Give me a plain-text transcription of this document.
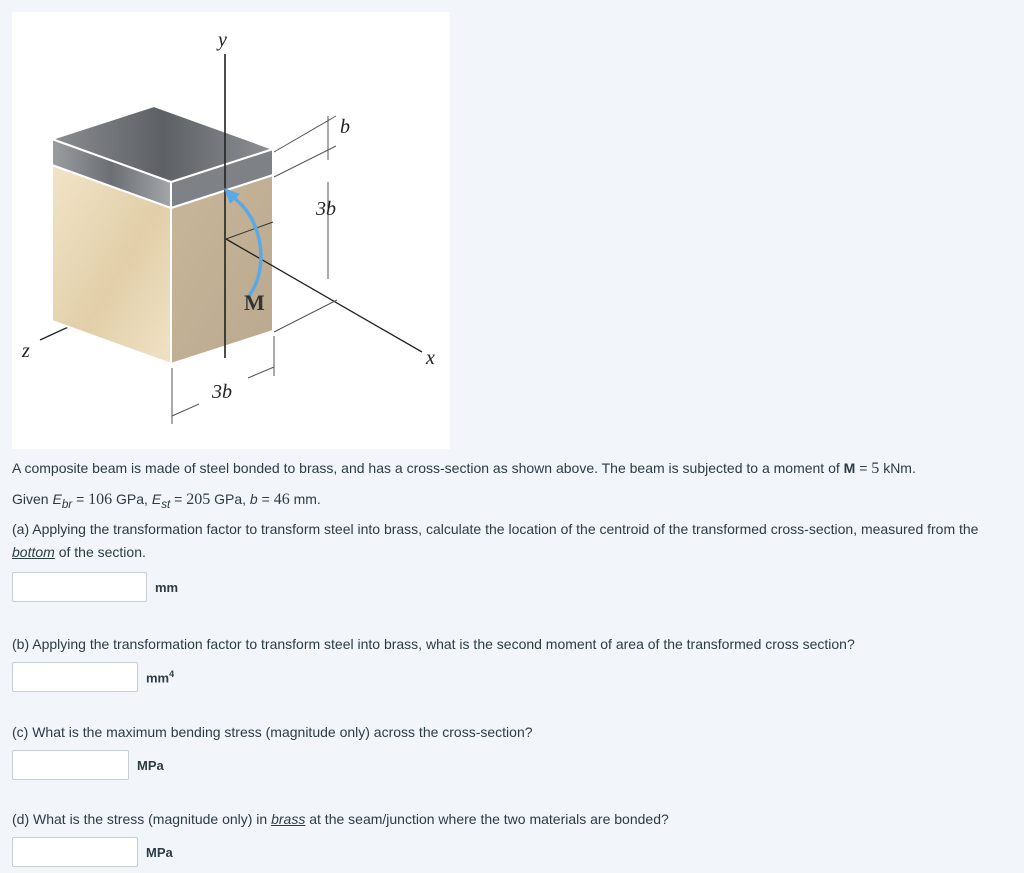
z	x
y
M
b
3b
3b

A composite beam is made of steel bonded to brass, and has a cross-section as shown above. The beam is subjected to a moment of M = 5 kNm.

Given $E_{br} = 106$ GPa, $E_{st} = 205$ GPa, b = 46 mm.

(a) Applying the transformation factor to transform steel into brass, calculate the location of the centroid of the transformed cross-section, measured from the bottom of the section.

mm

(b) Applying the transformation factor to transform steel into brass, what is the second moment of area of the transformed cross section?

$mm^4$

(c) What is the maximum bending stress (magnitude only) across the cross-section?

MPa

(d) What is the stress (magnitude only) in brass at the seam/junction where the two materials are bonded?

MPa
